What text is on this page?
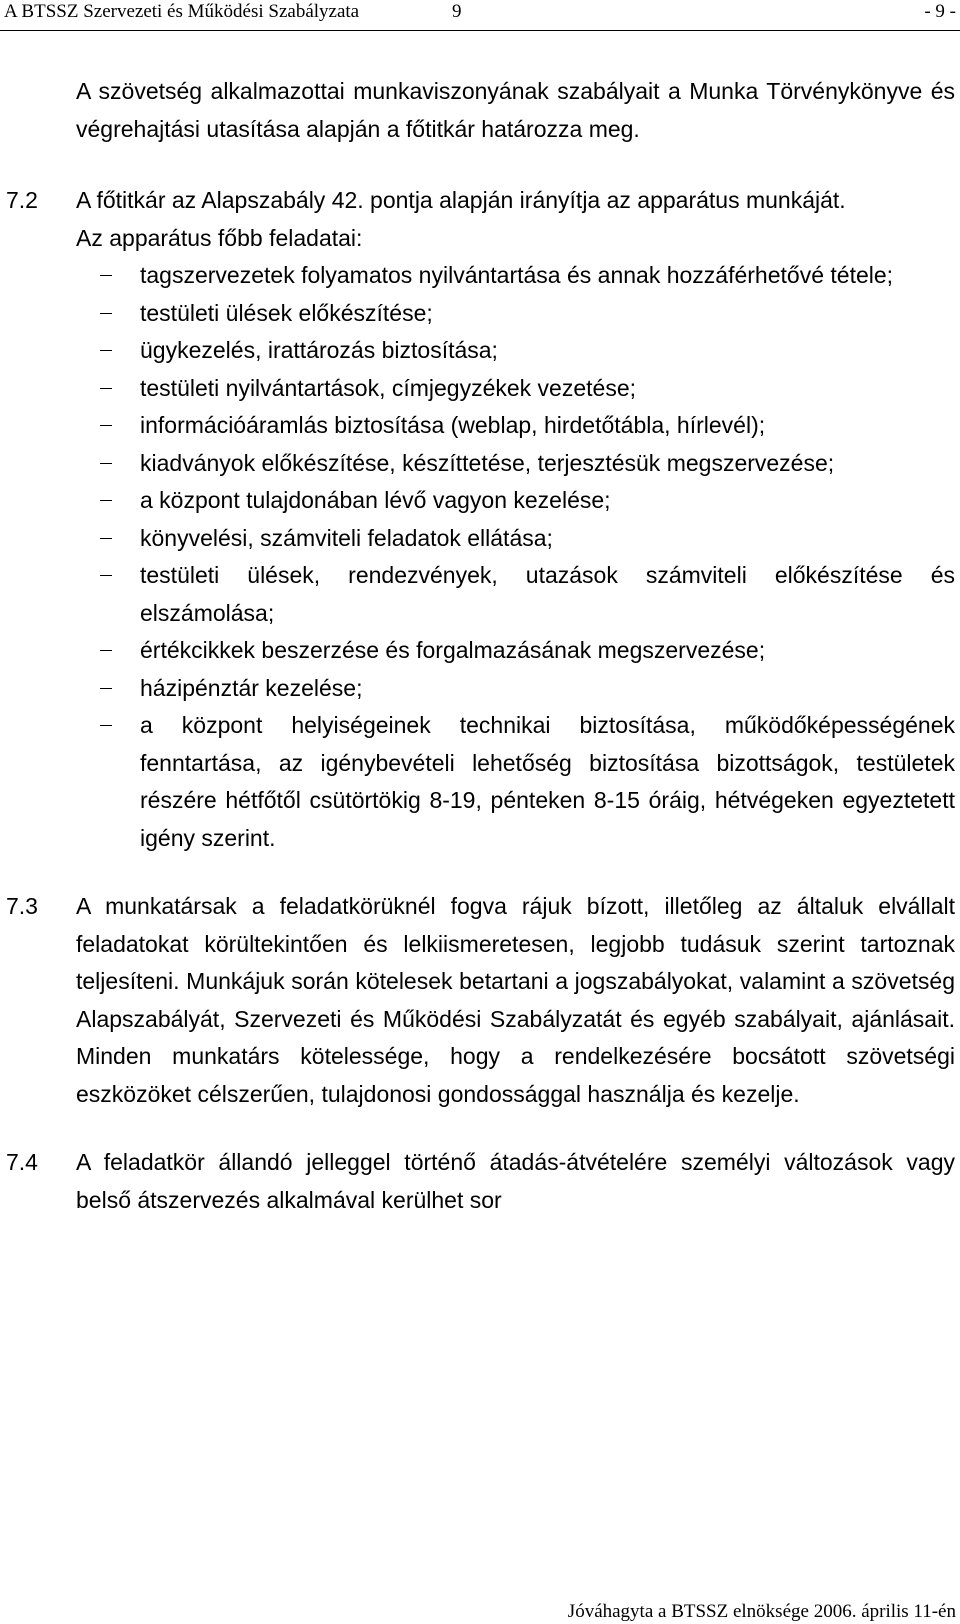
A BTSSZ Szervezeti és Működési Szabályzata	9	- 9 -

A szövetség alkalmazottai munkaviszonyának szabályait a Munka Törvénykönyve és végrehajtási utasítása alapján a főtitkár határozza meg.

7.2 A főtitkár az Alapszabály 42. pontja alapján irányítja az apparátus munkáját.

Az apparátus főbb feladatai:

tagszervezetek folyamatos nyilvántartása és annak hozzáférhetővé tétele;
testületi ülések előkészítése;
ügykezelés, irattározás biztosítása;
testületi nyilvántartások, címjegyzékek vezetése;
információáramlás biztosítása (weblap, hirdetőtábla, hírlevél);
kiadványok előkészítése, készíttetése, terjesztésük megszervezése;
a központ tulajdonában lévő vagyon kezelése;
könyvelési, számviteli feladatok ellátása;
testületi ülések, rendezvények, utazások számviteli előkészítése és elszámolása;
értékcikkek beszerzése és forgalmazásának megszervezése;
házipénztár kezelése;
a központ helyiségeinek technikai biztosítása, működőképességének fenntartása, az igénybevételi lehetőség biztosítása bizottságok, testületek részére hétfőtől csütörtökig 8-19, pénteken 8-15 óráig, hétvégeken egyeztetett igény szerint.
7.3 A munkatársak a feladatkörüknél fogva rájuk bízott, illetőleg az általuk elvállalt feladatokat körültekintően és lelkiismeretesen, legjobb tudásuk szerint tartoznak teljesíteni. Munkájuk során kötelesek betartani a jogszabályokat, valamint a szövetség Alapszabályát, Szervezeti és Működési Szabályzatát és egyéb szabályait, ajánlásait. Minden munkatárs kötelessége, hogy a rendelkezésére bocsátott szövetségi eszközöket célszerűen, tulajdonosi gondossággal használja és kezelje.

7.4 A feladatkör állandó jelleggel történő átadás-átvételére személyi változások vagy belső átszervezés alkalmával kerülhet sor

Jóváhagyta a BTSSZ elnöksége 2006. április 11-én
